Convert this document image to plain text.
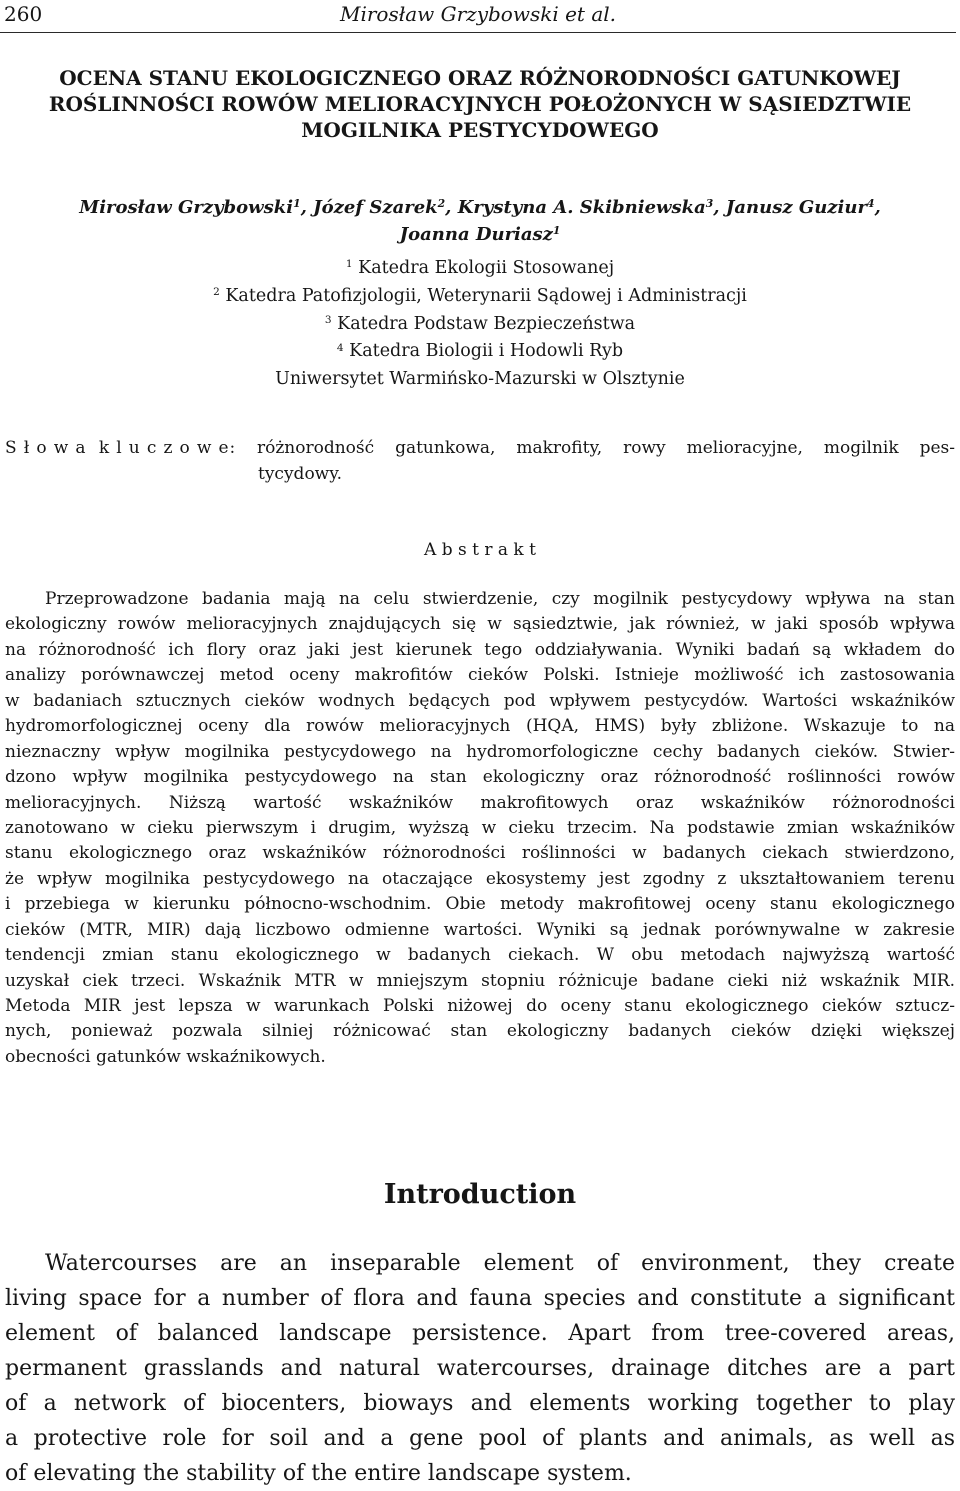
260	Mirosław Grzybowski et al.
OCENA STANU EKOLOGICZNEGO ORAZ RÓŻNORODNOŚCI GATUNKOWEJ
ROŚLINNOŚCI ROWÓW MELIORACYJNYCH POŁOŻONYCH W SĄSIEDZTWIE
MOGILNIKA PESTYCYDOWEGO
Mirosław Grzybowski$^1$, Józef Szarek$^2$, Krystyna A. Skibniewska$^3$, Janusz Guziur$^4$,
Joanna Duriasz$^1$
$^1$ Katedra Ekologii Stosowanej
$^2$ Katedra Patofizjologii, Weterynarii Sądowej i Administracji
$^3$ Katedra Podstaw Bezpieczeństwa
$^4$ Katedra Biologii i Hodowli Ryb
Uniwersytet Warmińsko-Mazurski w Olsztynie
S ł o w a  k l u c z o w e: różnorodność gatunkowa, makrofity, rowy melioracyjne, mogilnik pes-
tycydowy.
A b s t r a k t
Przeprowadzone badania mają na celu stwierdzenie, czy mogilnik pestycydowy wpływa na stan
ekologiczny rowów melioracyjnych znajdujących się w sąsiedztwie, jak również, w jaki sposób wpływa
na różnorodność ich flory oraz jaki jest kierunek tego oddziaływania. Wyniki badań są wkładem do
analizy porównawczej metod oceny makrofitów cieków Polski. Istnieje możliwość ich zastosowania
w badaniach sztucznych cieków wodnych będących pod wpływem pestycydów. Wartości wskaźników
hydromorfologicznej oceny dla rowów melioracyjnych (HQA, HMS) były zbliżone. Wskazuje to na
nieznaczny wpływ mogilnika pestycydowego na hydromorfologiczne cechy badanych cieków. Stwier-
dzono wpływ mogilnika pestycydowego na stan ekologiczny oraz różnorodność roślinności rowów
melioracyjnych. Niższą wartość wskaźników makrofitowych oraz wskaźników różnorodności
zanotowano w cieku pierwszym i drugim, wyższą w cieku trzecim. Na podstawie zmian wskaźników
stanu ekologicznego oraz wskaźników różnorodności roślinności w badanych ciekach stwierdzono,
że wpływ mogilnika pestycydowego na otaczające ekosystemy jest zgodny z ukształtowaniem terenu
i przebiega w kierunku północno-wschodnim. Obie metody makrofitowej oceny stanu ekologicznego
cieków (MTR, MIR) dają liczbowo odmienne wartości. Wyniki są jednak porównywalne w zakresie
tendencji zmian stanu ekologicznego w badanych ciekach. W obu metodach najwyższą wartość
uzyskał ciek trzeci. Wskaźnik MTR w mniejszym stopniu różnicuje badane cieki niż wskaźnik MIR.
Metoda MIR jest lepsza w warunkach Polski niżowej do oceny stanu ekologicznego cieków sztucz-
nych, ponieważ pozwala silniej różnicować stan ekologiczny badanych cieków dzięki większej
obecności gatunków wskaźnikowych.
Introduction
Watercourses are an inseparable element of environment, they create
living space for a number of flora and fauna species and constitute a significant
element of balanced landscape persistence. Apart from tree-covered areas,
permanent grasslands and natural watercourses, drainage ditches are a part
of a network of biocenters, bioways and elements working together to play
a protective role for soil and a gene pool of plants and animals, as well as
of elevating the stability of the entire landscape system.
